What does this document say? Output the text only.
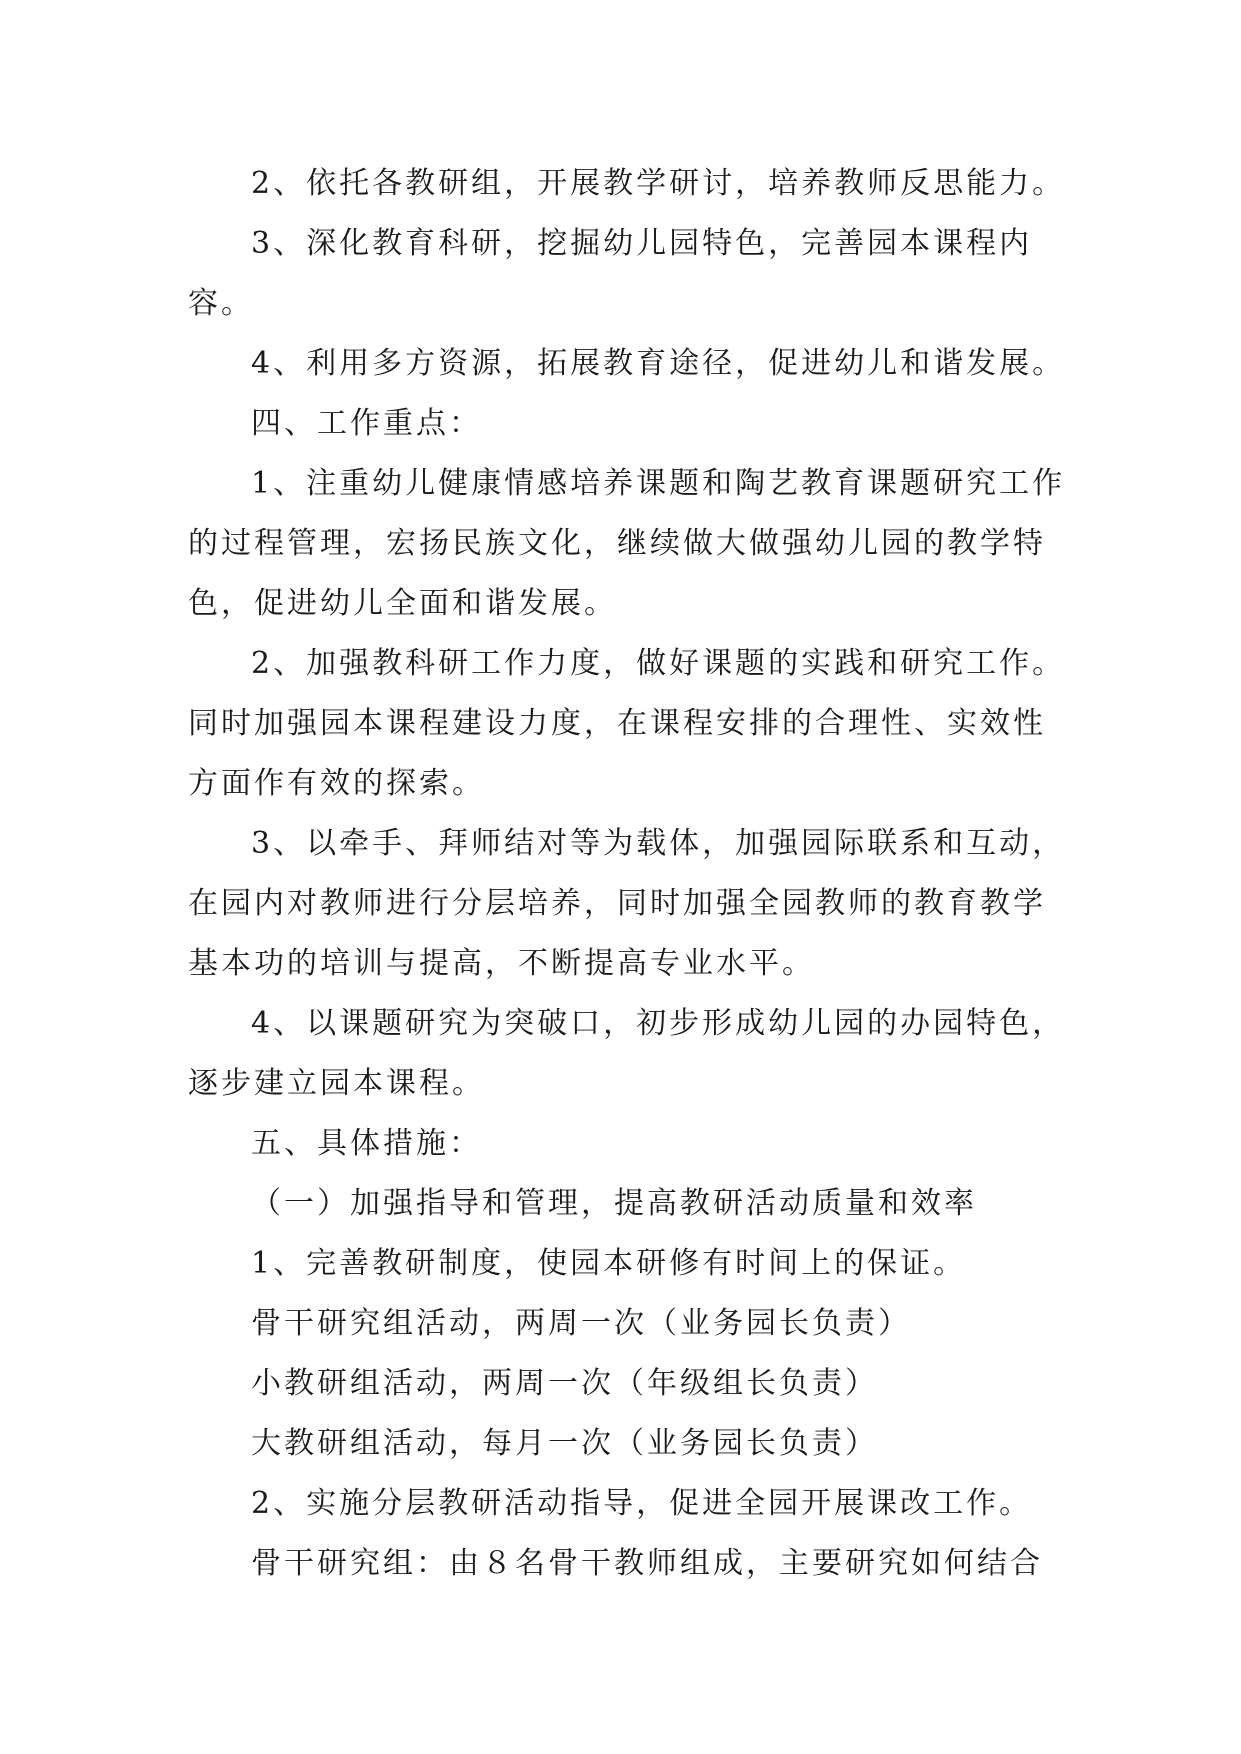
2、依托各教研组，开展教学研讨，培养教师反思能力。

3、深化教育科研，挖掘幼儿园特色，完善园本课程内容。

4、利用多方资源，拓展教育途径，促进幼儿和谐发展。

四、工作重点：

1、注重幼儿健康情感培养课题和陶艺教育课题研究工作的过程管理，宏扬民族文化，继续做大做强幼儿园的教学特色，促进幼儿全面和谐发展。

2、加强教科研工作力度，做好课题的实践和研究工作。同时加强园本课程建设力度，在课程安排的合理性、实效性方面作有效的探索。

3、以牵手、拜师结对等为载体，加强园际联系和互动，在园内对教师进行分层培养，同时加强全园教师的教育教学基本功的培训与提高，不断提高专业水平。

4、以课题研究为突破口，初步形成幼儿园的办园特色，逐步建立园本课程。

五、具体措施：

（一）加强指导和管理，提高教研活动质量和效率

1、完善教研制度，使园本研修有时间上的保证。

骨干研究组活动，两周一次（业务园长负责）

小教研组活动，两周一次（年级组长负责）

大教研组活动，每月一次（业务园长负责）

2、实施分层教研活动指导，促进全园开展课改工作。

骨干研究组：由８名骨干教师组成，主要研究如何结合
